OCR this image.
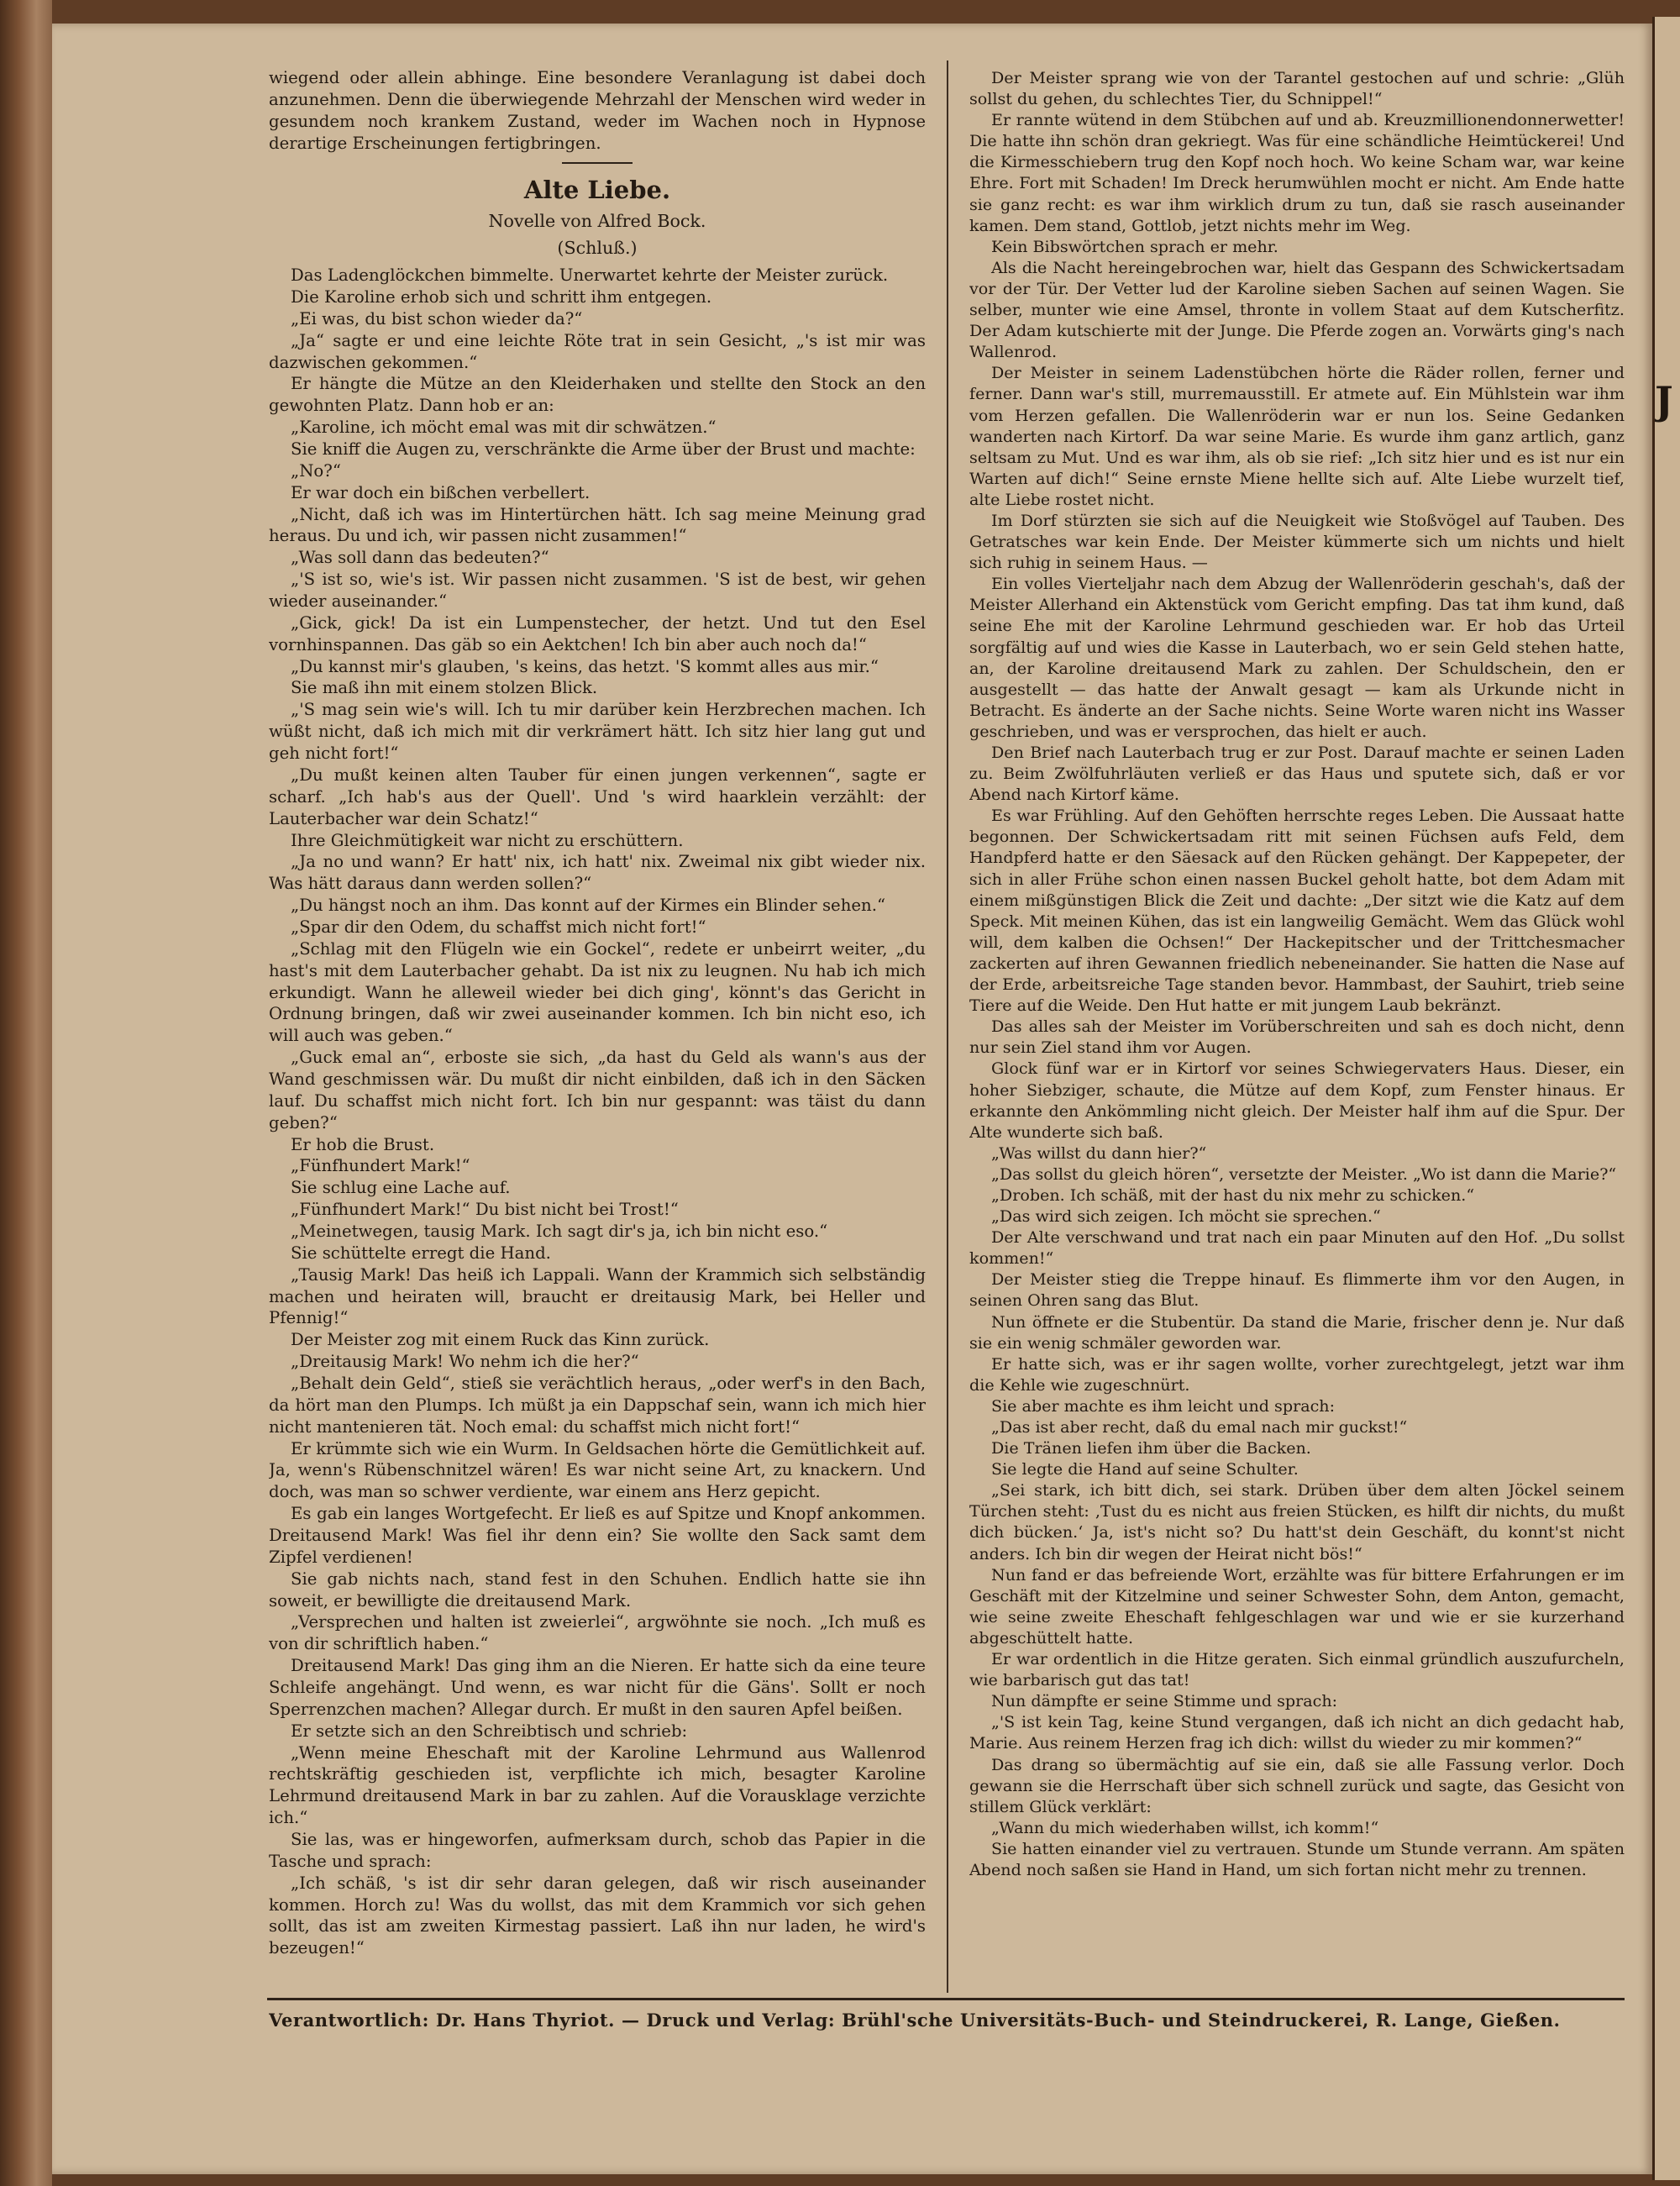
J

wiegend oder allein abhinge. Eine besondere Veranlagung ist dabei doch anzunehmen. Denn die überwiegende Mehrzahl der Menschen wird weder in gesundem noch krankem Zustand, weder im Wachen noch in Hypnose derartige Erscheinungen fertigbringen.

Alte Liebe.

Novelle von Alfred Bock.

(Schluß.)

Das Ladenglöckchen bimmelte. Unerwartet kehrte der Meister zurück.

Die Karoline erhob sich und schritt ihm entgegen.

„Ei was, du bist schon wieder da?“

„Ja“ sagte er und eine leichte Röte trat in sein Gesicht, „'s ist mir was dazwischen gekommen.“

Er hängte die Mütze an den Kleiderhaken und stellte den Stock an den gewohnten Platz. Dann hob er an:

„Karoline, ich möcht emal was mit dir schwätzen.“

Sie kniff die Augen zu, verschränkte die Arme über der Brust und machte:

„No?“

Er war doch ein bißchen verbellert.

„Nicht, daß ich was im Hintertürchen hätt. Ich sag meine Meinung grad heraus. Du und ich, wir passen nicht zusammen!“

„Was soll dann das bedeuten?“

„'S ist so, wie's ist. Wir passen nicht zusammen. 'S ist de best, wir gehen wieder auseinander.“

„Gick, gick! Da ist ein Lumpenstecher, der hetzt. Und tut den Esel vornhinspannen. Das gäb so ein Aektchen! Ich bin aber auch noch da!“

„Du kannst mir's glauben, 's keins, das hetzt. 'S kommt alles aus mir.“

Sie maß ihn mit einem stolzen Blick.

„'S mag sein wie's will. Ich tu mir darüber kein Herzbrechen machen. Ich wüßt nicht, daß ich mich mit dir verkrämert hätt. Ich sitz hier lang gut und geh nicht fort!“

„Du mußt keinen alten Tauber für einen jungen verkennen“, sagte er scharf. „Ich hab's aus der Quell'. Und 's wird haarklein verzählt: der Lauterbacher war dein Schatz!“

Ihre Gleichmütigkeit war nicht zu erschüttern.

„Ja no und wann? Er hatt' nix, ich hatt' nix. Zweimal nix gibt wieder nix. Was hätt daraus dann werden sollen?“

„Du hängst noch an ihm. Das konnt auf der Kirmes ein Blinder sehen.“

„Spar dir den Odem, du schaffst mich nicht fort!“

„Schlag mit den Flügeln wie ein Gockel“, redete er unbeirrt weiter, „du hast's mit dem Lauterbacher gehabt. Da ist nix zu leugnen. Nu hab ich mich erkundigt. Wann he alleweil wieder bei dich ging', könnt's das Gericht in Ordnung bringen, daß wir zwei auseinander kommen. Ich bin nicht eso, ich will auch was geben.“

„Guck emal an“, erboste sie sich, „da hast du Geld als wann's aus der Wand geschmissen wär. Du mußt dir nicht einbilden, daß ich in den Säcken lauf. Du schaffst mich nicht fort. Ich bin nur gespannt: was täist du dann geben?“

Er hob die Brust.

„Fünfhundert Mark!“

Sie schlug eine Lache auf.

„Fünfhundert Mark!“ Du bist nicht bei Trost!“

„Meinetwegen, tausig Mark. Ich sagt dir's ja, ich bin nicht eso.“

Sie schüttelte erregt die Hand.

„Tausig Mark! Das heiß ich Lappali. Wann der Krammich sich selbständig machen und heiraten will, braucht er dreitausig Mark, bei Heller und Pfennig!“

Der Meister zog mit einem Ruck das Kinn zurück.

„Dreitausig Mark! Wo nehm ich die her?“

„Behalt dein Geld“, stieß sie verächtlich heraus, „oder werf's in den Bach, da hört man den Plumps. Ich müßt ja ein Dappschaf sein, wann ich mich hier nicht mantenieren tät. Noch emal: du schaffst mich nicht fort!“

Er krümmte sich wie ein Wurm. In Geldsachen hörte die Gemütlichkeit auf. Ja, wenn's Rübenschnitzel wären! Es war nicht seine Art, zu knackern. Und doch, was man so schwer verdiente, war einem ans Herz gepicht.

Es gab ein langes Wortgefecht. Er ließ es auf Spitze und Knopf ankommen. Dreitausend Mark! Was fiel ihr denn ein? Sie wollte den Sack samt dem Zipfel verdienen!

Sie gab nichts nach, stand fest in den Schuhen. Endlich hatte sie ihn soweit, er bewilligte die dreitausend Mark.

„Versprechen und halten ist zweierlei“, argwöhnte sie noch. „Ich muß es von dir schriftlich haben.“

Dreitausend Mark! Das ging ihm an die Nieren. Er hatte sich da eine teure Schleife angehängt. Und wenn, es war nicht für die Gäns'. Sollt er noch Sperrenzchen machen? Allegar durch. Er mußt in den sauren Apfel beißen.

Er setzte sich an den Schreibtisch und schrieb:

„Wenn meine Eheschaft mit der Karoline Lehrmund aus Wallenrod rechtskräftig geschieden ist, verpflichte ich mich, besagter Karoline Lehrmund dreitausend Mark in bar zu zahlen. Auf die Vorausklage verzichte ich.“

Sie las, was er hingeworfen, aufmerksam durch, schob das Papier in die Tasche und sprach:

„Ich schäß, 's ist dir sehr daran gelegen, daß wir risch auseinander kommen. Horch zu! Was du wollst, das mit dem Krammich vor sich gehen sollt, das ist am zweiten Kirmestag passiert. Laß ihn nur laden, he wird's bezeugen!“

Der Meister sprang wie von der Tarantel gestochen auf und schrie: „Glüh sollst du gehen, du schlechtes Tier, du Schnippel!“

Er rannte wütend in dem Stübchen auf und ab. Kreuzmillionendonnerwetter! Die hatte ihn schön dran gekriegt. Was für eine schändliche Heimtückerei! Und die Kirmesschiebern trug den Kopf noch hoch. Wo keine Scham war, war keine Ehre. Fort mit Schaden! Im Dreck herumwühlen mocht er nicht. Am Ende hatte sie ganz recht: es war ihm wirklich drum zu tun, daß sie rasch auseinander kamen. Dem stand, Gottlob, jetzt nichts mehr im Weg.

Kein Bibswörtchen sprach er mehr.

Als die Nacht hereingebrochen war, hielt das Gespann des Schwickertsadam vor der Tür. Der Vetter lud der Karoline sieben Sachen auf seinen Wagen. Sie selber, munter wie eine Amsel, thronte in vollem Staat auf dem Kutscherfitz. Der Adam kutschierte mit der Junge. Die Pferde zogen an. Vorwärts ging's nach Wallenrod.

Der Meister in seinem Ladenstübchen hörte die Räder rollen, ferner und ferner. Dann war's still, murremausstill. Er atmete auf. Ein Mühlstein war ihm vom Herzen gefallen. Die Wallenröderin war er nun los. Seine Gedanken wanderten nach Kirtorf. Da war seine Marie. Es wurde ihm ganz artlich, ganz seltsam zu Mut. Und es war ihm, als ob sie rief: „Ich sitz hier und es ist nur ein Warten auf dich!“ Seine ernste Miene hellte sich auf. Alte Liebe wurzelt tief, alte Liebe rostet nicht.

Im Dorf stürzten sie sich auf die Neuigkeit wie Stoßvögel auf Tauben. Des Getratsches war kein Ende. Der Meister kümmerte sich um nichts und hielt sich ruhig in seinem Haus. —

Ein volles Vierteljahr nach dem Abzug der Wallenröderin geschah's, daß der Meister Allerhand ein Aktenstück vom Gericht empfing. Das tat ihm kund, daß seine Ehe mit der Karoline Lehrmund geschieden war. Er hob das Urteil sorgfältig auf und wies die Kasse in Lauterbach, wo er sein Geld stehen hatte, an, der Karoline dreitausend Mark zu zahlen. Der Schuldschein, den er ausgestellt — das hatte der Anwalt gesagt — kam als Urkunde nicht in Betracht. Es änderte an der Sache nichts. Seine Worte waren nicht ins Wasser geschrieben, und was er versprochen, das hielt er auch.

Den Brief nach Lauterbach trug er zur Post. Darauf machte er seinen Laden zu. Beim Zwölfuhrläuten verließ er das Haus und sputete sich, daß er vor Abend nach Kirtorf käme.

Es war Frühling. Auf den Gehöften herrschte reges Leben. Die Aussaat hatte begonnen. Der Schwickertsadam ritt mit seinen Füchsen aufs Feld, dem Handpferd hatte er den Säesack auf den Rücken gehängt. Der Kappepeter, der sich in aller Frühe schon einen nassen Buckel geholt hatte, bot dem Adam mit einem mißgünstigen Blick die Zeit und dachte: „Der sitzt wie die Katz auf dem Speck. Mit meinen Kühen, das ist ein langweilig Gemächt. Wem das Glück wohl will, dem kalben die Ochsen!“ Der Hackepitscher und der Trittchesmacher zackerten auf ihren Gewannen friedlich nebeneinander. Sie hatten die Nase auf der Erde, arbeitsreiche Tage standen bevor. Hammbast, der Sauhirt, trieb seine Tiere auf die Weide. Den Hut hatte er mit jungem Laub bekränzt.

Das alles sah der Meister im Vorüberschreiten und sah es doch nicht, denn nur sein Ziel stand ihm vor Augen.

Glock fünf war er in Kirtorf vor seines Schwiegervaters Haus. Dieser, ein hoher Siebziger, schaute, die Mütze auf dem Kopf, zum Fenster hinaus. Er erkannte den Ankömmling nicht gleich. Der Meister half ihm auf die Spur. Der Alte wunderte sich baß.

„Was willst du dann hier?“

„Das sollst du gleich hören“, versetzte der Meister. „Wo ist dann die Marie?“

„Droben. Ich schäß, mit der hast du nix mehr zu schicken.“

„Das wird sich zeigen. Ich möcht sie sprechen.“

Der Alte verschwand und trat nach ein paar Minuten auf den Hof. „Du sollst kommen!“

Der Meister stieg die Treppe hinauf. Es flimmerte ihm vor den Augen, in seinen Ohren sang das Blut.

Nun öffnete er die Stubentür. Da stand die Marie, frischer denn je. Nur daß sie ein wenig schmäler geworden war.

Er hatte sich, was er ihr sagen wollte, vorher zurechtgelegt, jetzt war ihm die Kehle wie zugeschnürt.

Sie aber machte es ihm leicht und sprach:

„Das ist aber recht, daß du emal nach mir guckst!“

Die Tränen liefen ihm über die Backen.

Sie legte die Hand auf seine Schulter.

„Sei stark, ich bitt dich, sei stark. Drüben über dem alten Jöckel seinem Türchen steht: ‚Tust du es nicht aus freien Stücken, es hilft dir nichts, du mußt dich bücken.‘ Ja, ist's nicht so? Du hatt'st dein Geschäft, du konnt'st nicht anders. Ich bin dir wegen der Heirat nicht bös!“

Nun fand er das befreiende Wort, erzählte was für bittere Erfahrungen er im Geschäft mit der Kitzelmine und seiner Schwester Sohn, dem Anton, gemacht, wie seine zweite Eheschaft fehlgeschlagen war und wie er sie kurzerhand abgeschüttelt hatte.

Er war ordentlich in die Hitze geraten. Sich einmal gründlich auszufurcheln, wie barbarisch gut das tat!

Nun dämpfte er seine Stimme und sprach:

„'S ist kein Tag, keine Stund vergangen, daß ich nicht an dich gedacht hab, Marie. Aus reinem Herzen frag ich dich: willst du wieder zu mir kommen?“

Das drang so übermächtig auf sie ein, daß sie alle Fassung verlor. Doch gewann sie die Herrschaft über sich schnell zurück und sagte, das Gesicht von stillem Glück verklärt:

„Wann du mich wiederhaben willst, ich komm!“

Sie hatten einander viel zu vertrauen. Stunde um Stunde verrann. Am späten Abend noch saßen sie Hand in Hand, um sich fortan nicht mehr zu trennen.

Verantwortlich: Dr. Hans Thyriot. — Druck und Verlag: Brühl'sche Universitäts-Buch- und Steindruckerei, R. Lange, Gießen.
